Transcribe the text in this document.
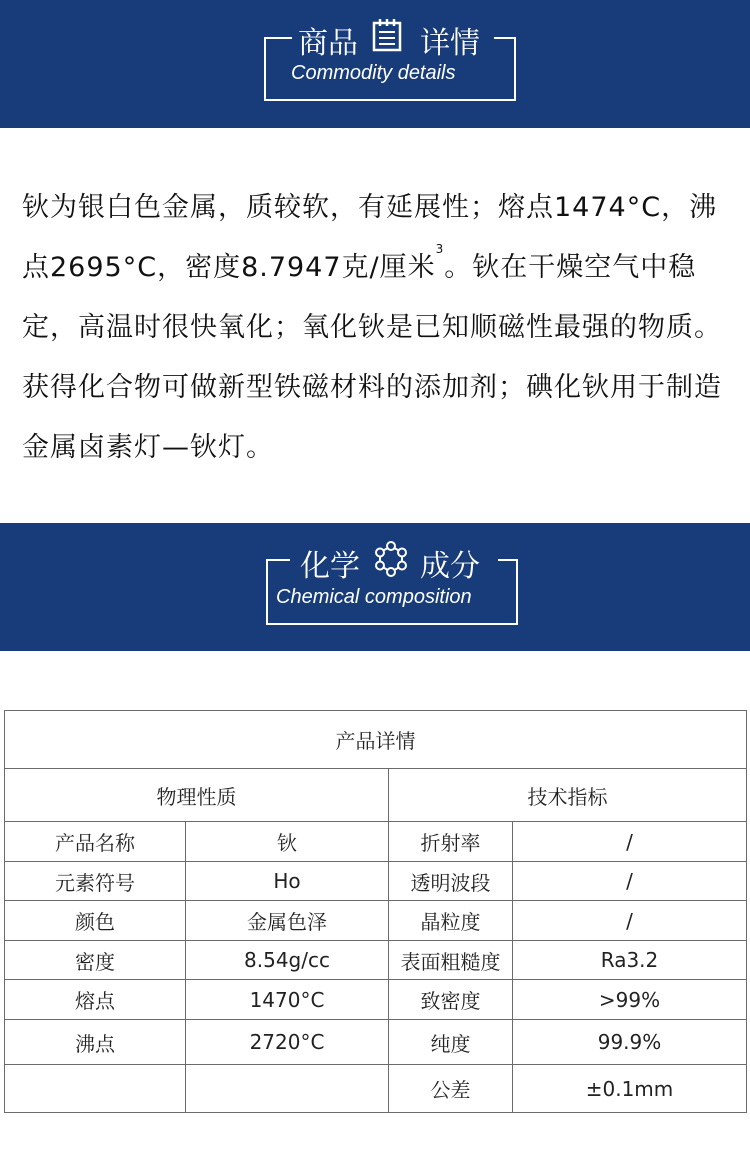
商品 详情
Commodity details
钬为银白色金属，质较软，有延展性；熔点1474°C，沸点2695°C，密度8.7947克/厘米$^3$。钬在干燥空气中稳定，高温时很快氧化；氧化钬是已知顺磁性最强的物质。获得化合物可做新型铁磁材料的添加剂；碘化钬用于制造金属卤素灯—钬灯。
化学 成分
Chemical composition
产品详情			
物理性质		技术指标	
产品名称	钬	折射率	/
元素符号	Ho	透明波段	/
颜色	金属色泽	晶粒度	/
密度	8.54g/cc	表面粗糙度	Ra3.2
熔点	1470°C	致密度	>99%
沸点	2720°C	纯度	99.9%
		公差	±0.1mm
